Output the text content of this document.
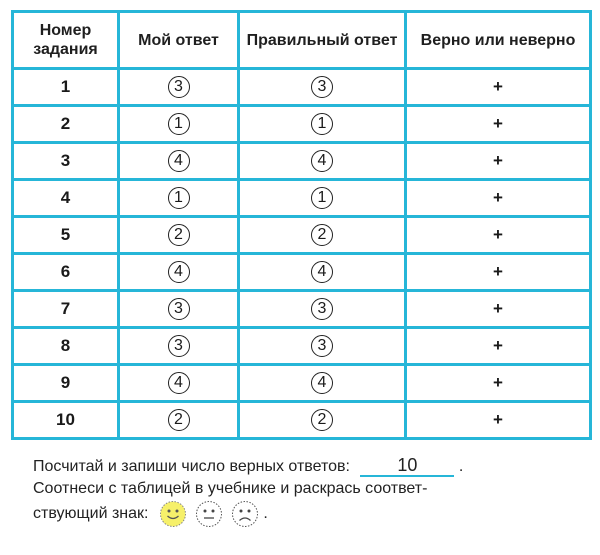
Номер задания	Мой ответ	Правильный ответ	Верно или неверно
1	3	3	+
2	1	1	+
3	4	4	+
4	1	1	+
5	2	2	+
6	4	4	+
7	3	3	+
8	3	3	+
9	4	4	+
10	2	2	+
Посчитай и запиши число верных ответов:	10	.
Соотнеси с таблицей в учебнике и раскрась соответ-
ствующий знак:	.
